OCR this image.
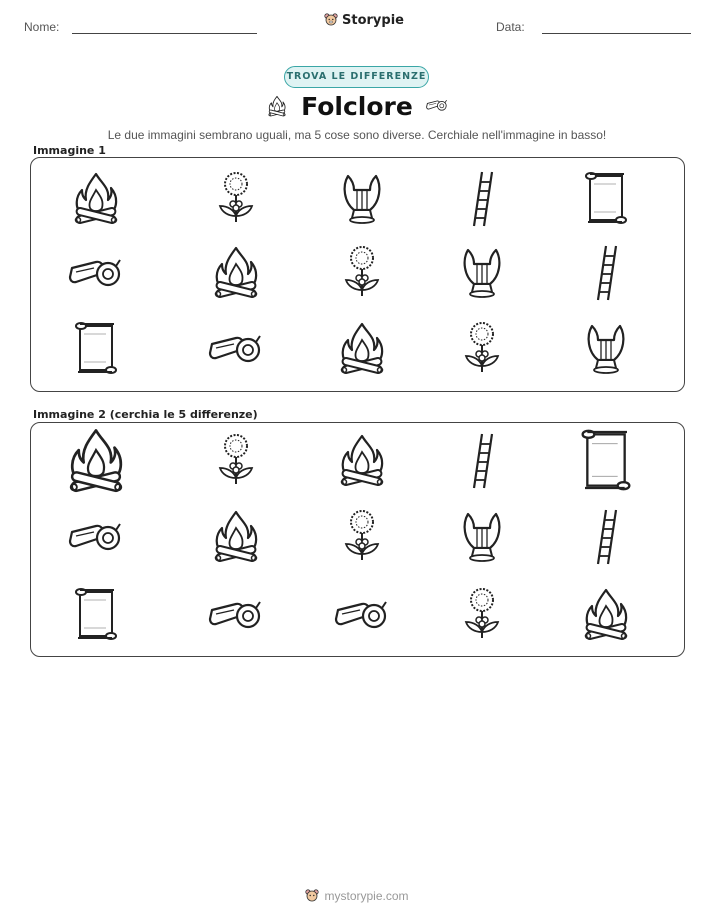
Nome:	Storypie	Data:
TROVA LE DIFFERENZE
Folclore
Le due immagini sembrano uguali, ma 5 cose sono diverse. Cerchiale nell'immagine in basso!
Immagine 1
Immagine 2 (cerchia le 5 differenze)
mystorypie.com
